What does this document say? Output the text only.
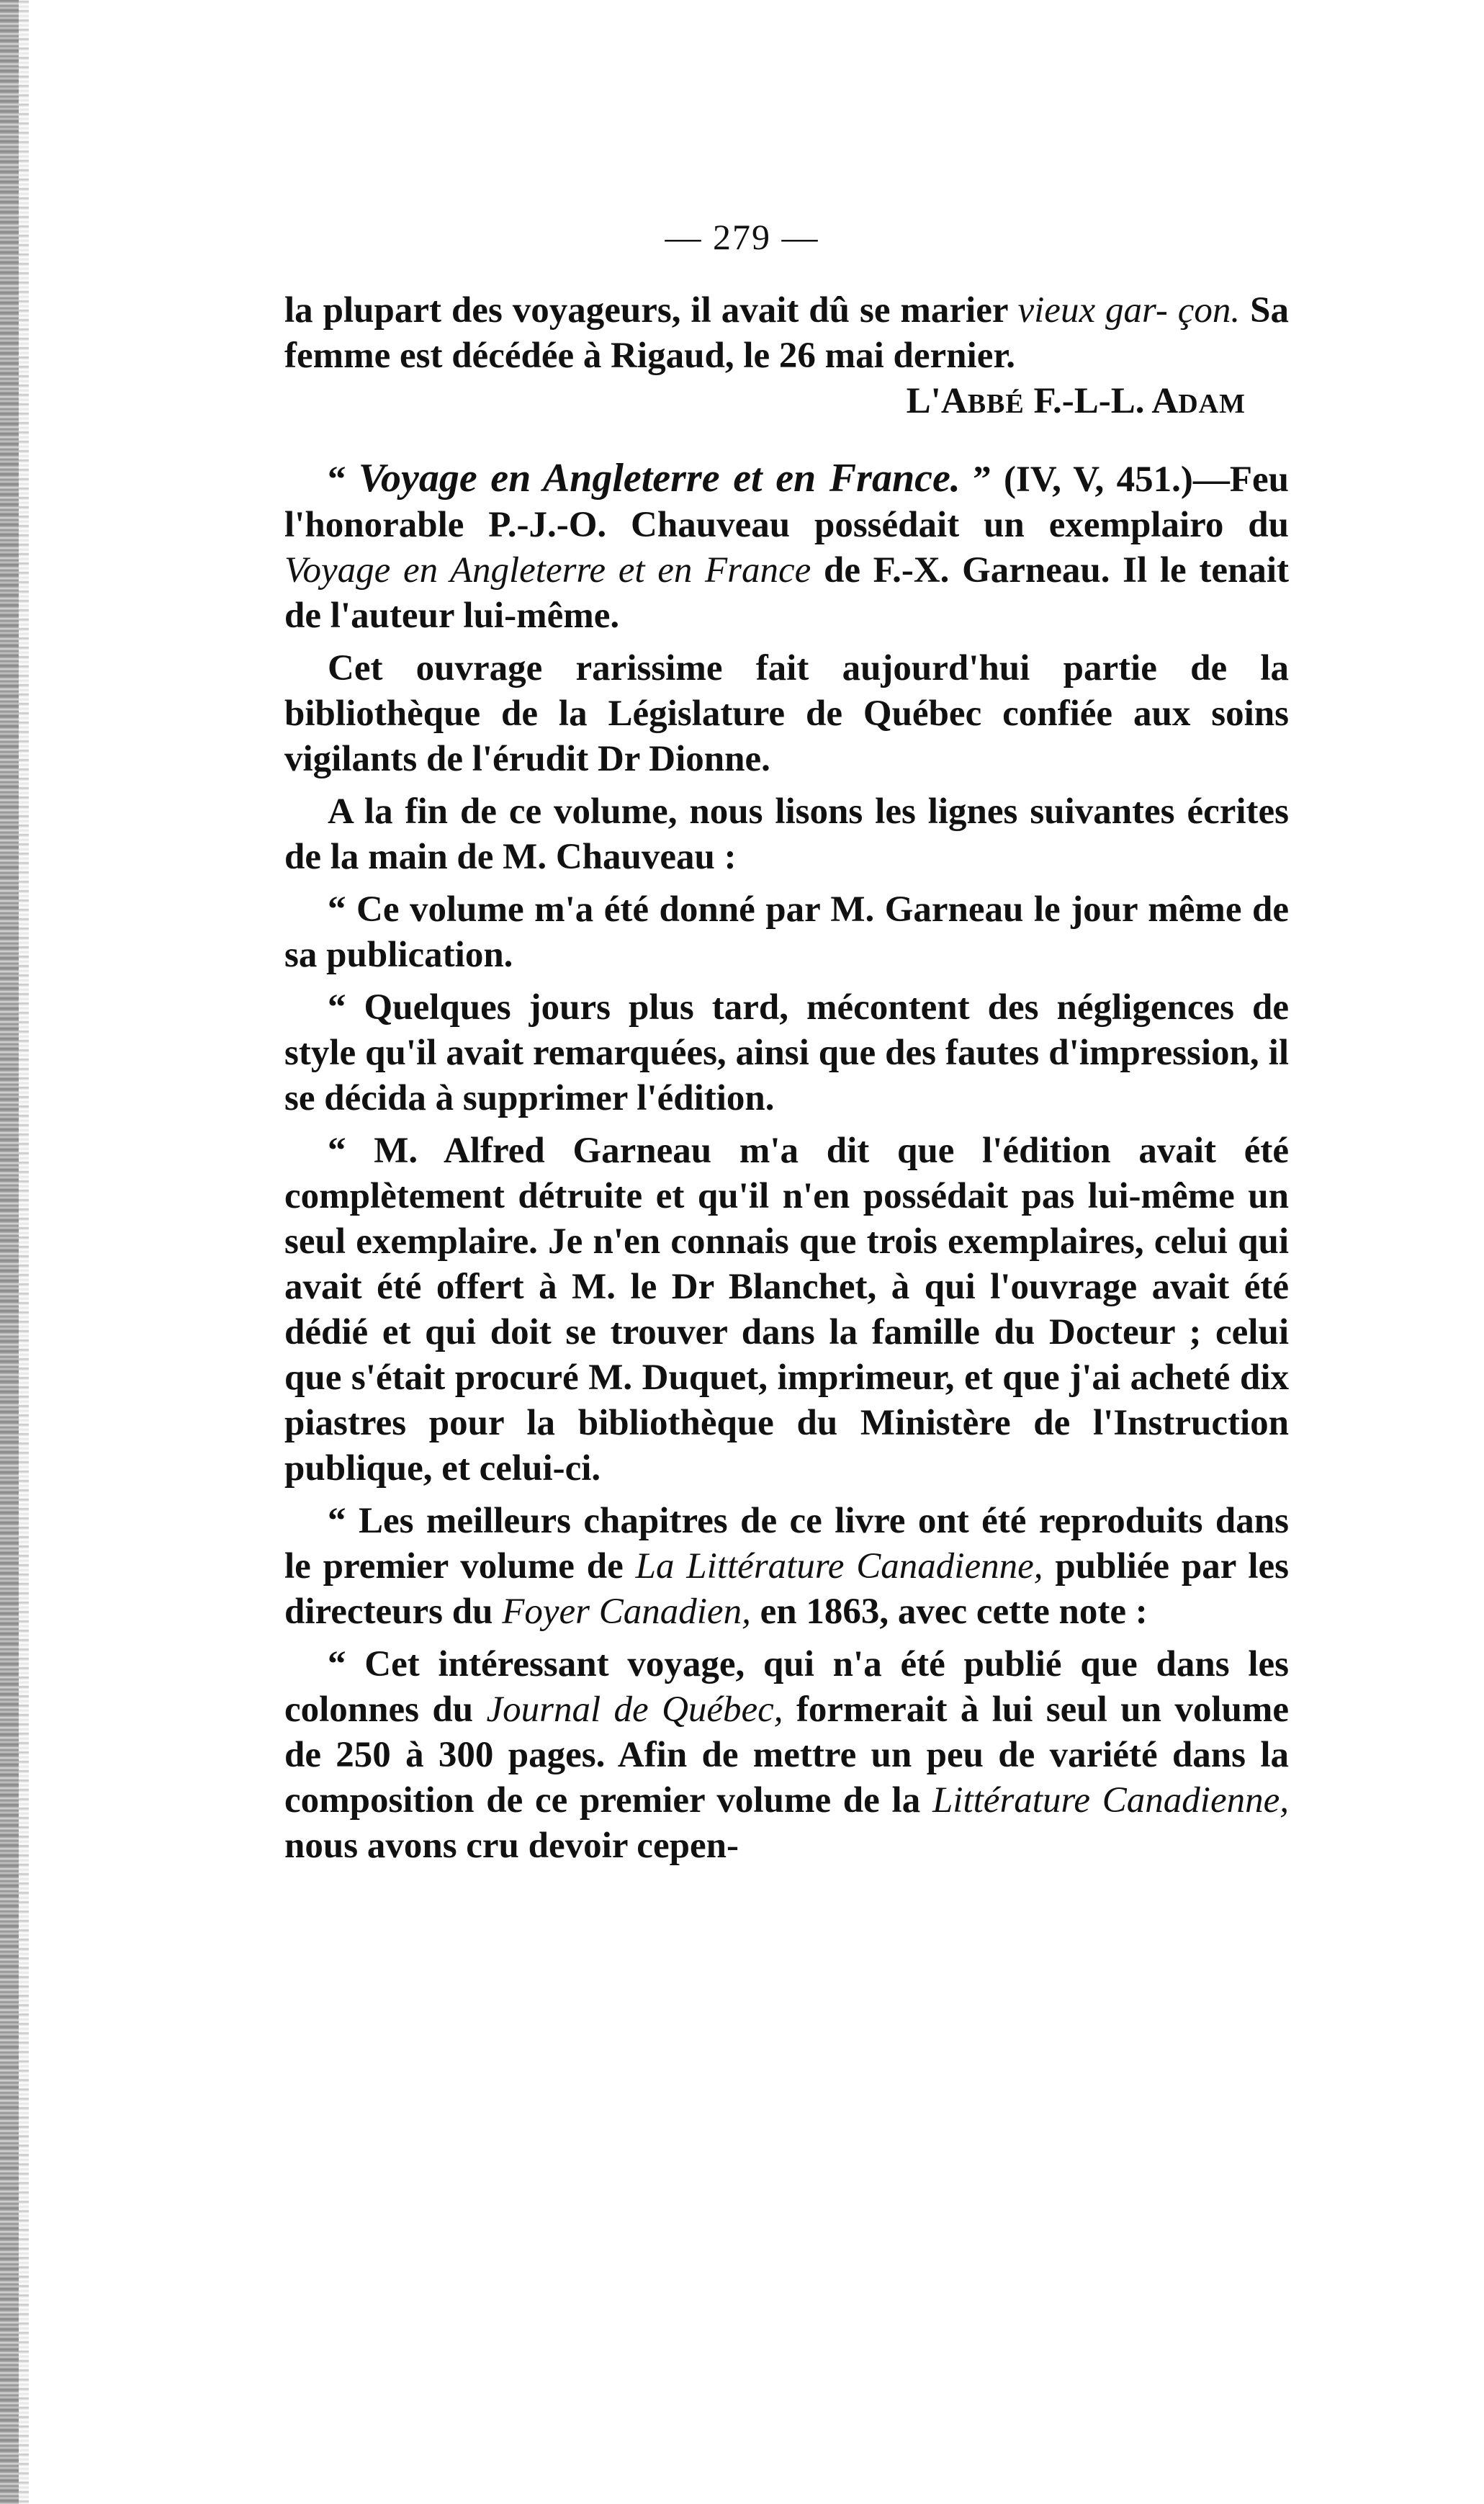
— 279 —

la plupart des voyageurs, il avait dû se marier vieux gar- çon. Sa femme est décédée à Rigaud, le 26 mai dernier.

L'ABBÉ F.-L-L. ADAM

“ Voyage en Angleterre et en France. ” (IV, V, 451.)—Feu l'honorable P.-J.-O. Chauveau possédait un exemplairo du Voyage en Angleterre et en France de F.-X. Garneau. Il le tenait de l'auteur lui-même.

Cet ouvrage rarissime fait aujourd'hui partie de la bibliothèque de la Législature de Québec confiée aux soins vigilants de l'érudit Dr Dionne.

A la fin de ce volume, nous lisons les lignes suivantes écrites de la main de M. Chauveau :

“ Ce volume m'a été donné par M. Garneau le jour même de sa publication.

“ Quelques jours plus tard, mécontent des négligences de style qu'il avait remarquées, ainsi que des fautes d'impression, il se décida à supprimer l'édition.

“ M. Alfred Garneau m'a dit que l'édition avait été complètement détruite et qu'il n'en possédait pas lui-même un seul exemplaire. Je n'en connais que trois exemplaires, celui qui avait été offert à M. le Dr Blanchet, à qui l'ouvrage avait été dédié et qui doit se trouver dans la famille du Docteur ; celui que s'était procuré M. Duquet, imprimeur, et que j'ai acheté dix piastres pour la bibliothèque du Ministère de l'Instruction publique, et celui-ci.

“ Les meilleurs chapitres de ce livre ont été reproduits dans le premier volume de La Littérature Canadienne, publiée par les directeurs du Foyer Canadien, en 1863, avec cette note :

“ Cet intéressant voyage, qui n'a été publié que dans les colonnes du Journal de Québec, formerait à lui seul un volume de 250 à 300 pages. Afin de mettre un peu de variété dans la composition de ce premier volume de la Littérature Canadienne, nous avons cru devoir cepen-
